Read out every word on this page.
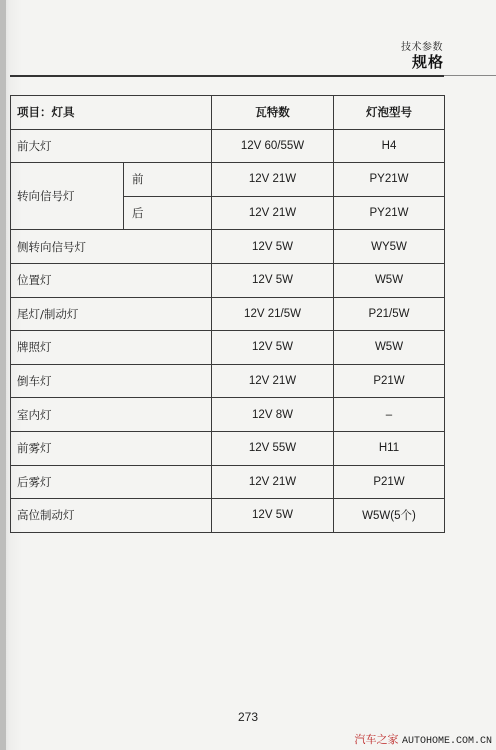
技术参数
规格
项目：灯具		瓦特数	灯泡型号
前大灯		12V 60/55W	H4
转向信号灯	前	12V 21W	PY21W
	后	12V 21W	PY21W
侧转向信号灯		12V 5W	WY5W
位置灯		12V 5W	W5W
尾灯/制动灯		12V 21/5W	P21/5W
牌照灯		12V 5W	W5W
倒车灯		12V 21W	P21W
室内灯		12V 8W	–
前雾灯		12V 55W	H11
后雾灯		12V 21W	P21W
高位制动灯		12V 5W	W5W(5个)
273
汽车之家 AUTOHOME.COM.CN
